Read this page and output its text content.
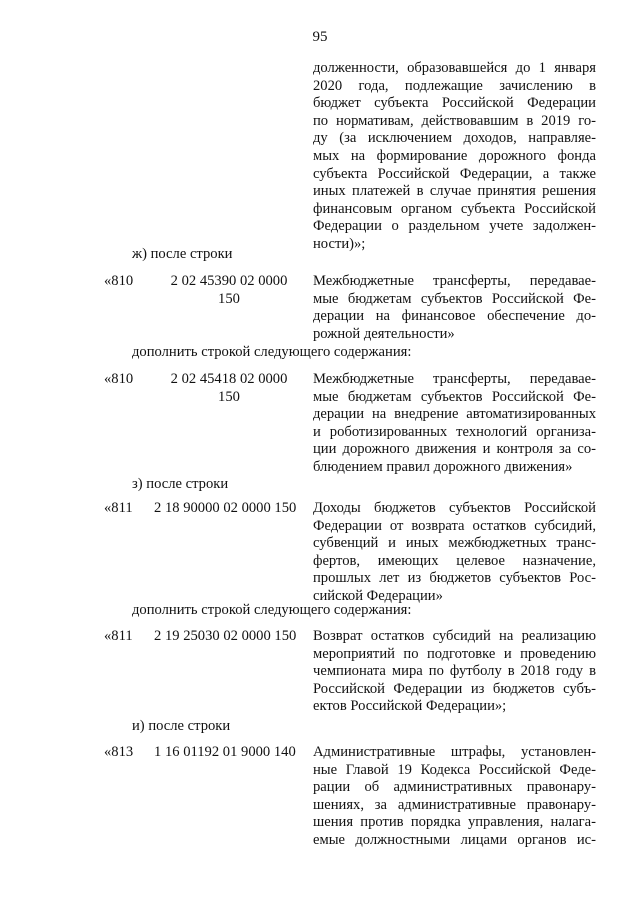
95
долженности, образовавшейся до 1 января
2020 года, подлежащие зачислению в
бюджет субъекта Российской Федерации
по нормативам, действовавшим в 2019 го-
ду (за исключением доходов, направляе-
мых на формирование дорожного фонда
субъекта Российской Федерации, а также
иных платежей в случае принятия решения
финансовым органом субъекта Российской
Федерации о раздельном учете задолжен-
ности)»;
ж) после строки
«810	2 02 45390 02 0000
150
Межбюджетные трансферты, передавае-
мые бюджетам субъектов Российской Фе-
дерации на финансовое обеспечение до-
рожной деятельности»
дополнить строкой следующего содержания:
«810	2 02 45418 02 0000
150
Межбюджетные трансферты, передавае-
мые бюджетам субъектов Российской Фе-
дерации на внедрение автоматизированных
и роботизированных технологий организа-
ции дорожного движения и контроля за со-
блюдением правил дорожного движения»
з) после строки
«811 2 18 90000 02 0000 150 Доходы бюджетов субъектов Российской
Федерации от возврата остатков субсидий,
субвенций и иных межбюджетных транс-
фертов, имеющих целевое назначение,
прошлых лет из бюджетов субъектов Рос-
сийской Федерации»
дополнить строкой следующего содержания:
«811 2 19 25030 02 0000 150 Возврат остатков субсидий на реализацию
мероприятий по подготовке и проведению
чемпионата мира по футболу в 2018 году в
Российской Федерации из бюджетов субъ-
ектов Российской Федерации»;
и) после строки
«813 1 16 01192 01 9000 140 Административные штрафы, установлен-
ные Главой 19 Кодекса Российской Феде-
рации об административных правонару-
шениях, за административные правонару-
шения против порядка управления, налага-
емые должностными лицами органов ис-
